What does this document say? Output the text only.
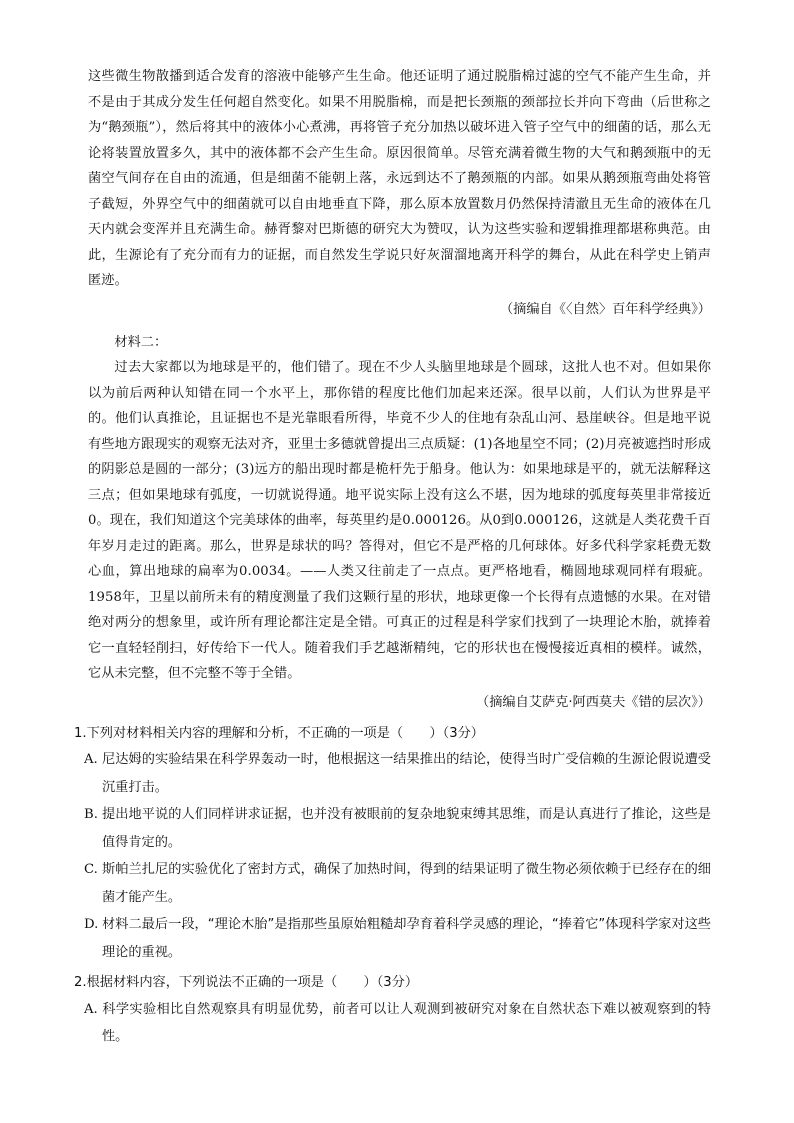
这些微生物散播到适合发育的溶液中能够产生生命。他还证明了通过脱脂棉过滤的空气不能产生生命，并不是由于其成分发生任何超自然变化。如果不用脱脂棉，而是把长颈瓶的颈部拉长并向下弯曲（后世称之为“鹅颈瓶”），然后将其中的液体小心煮沸，再将管子充分加热以破坏进入管子空气中的细菌的话，那么无论将装置放置多久，其中的液体都不会产生生命。原因很简单。尽管充满着微生物的大气和鹅颈瓶中的无菌空气间存在自由的流通，但是细菌不能朝上落，永远到达不了鹅颈瓶的内部。如果从鹅颈瓶弯曲处将管子截短，外界空气中的细菌就可以自由地垂直下降，那么原本放置数月仍然保持清澈且无生命的液体在几天内就会变浑并且充满生命。赫胥黎对巴斯德的研究大为赞叹，认为这些实验和逻辑推理都堪称典范。由此，生源论有了充分而有力的证据，而自然发生学说只好灰溜溜地离开科学的舞台，从此在科学史上销声匿迹。

（摘编自《〈自然〉百年科学经典》）

材料二：

过去大家都以为地球是平的，他们错了。现在不少人头脑里地球是个圆球，这批人也不对。但如果你以为前后两种认知错在同一个水平上，那你错的程度比他们加起来还深。很早以前，人们认为世界是平的。他们认真推论，且证据也不是光靠眼看所得，毕竟不少人的住地有杂乱山河、悬崖峡谷。但是地平说有些地方跟现实的观察无法对齐，亚里士多德就曾提出三点质疑：(1)各地星空不同；(2)月亮被遮挡时形成的阴影总是圆的一部分；(3)远方的船出现时都是桅杆先于船身。他认为：如果地球是平的，就无法解释这三点；但如果地球有弧度，一切就说得通。地平说实际上没有这么不堪，因为地球的弧度每英里非常接近0。现在，我们知道这个完美球体的曲率，每英里约是0.000126。从0到0.000126，这就是人类花费千百年岁月走过的距离。那么，世界是球状的吗？答得对，但它不是严格的几何球体。好多代科学家耗费无数心血，算出地球的扁率为0.0034。——人类又往前走了一点点。更严格地看，椭圆地球观同样有瑕疵。1958年，卫星以前所未有的精度测量了我们这颗行星的形状，地球更像一个长得有点遗憾的水果。在对错绝对两分的想象里，或许所有理论都注定是全错。可真正的过程是科学家们找到了一块理论木胎，就捧着它一直轻轻削扫，好传给下一代人。随着我们手艺越渐精纯，它的形状也在慢慢接近真相的模样。诚然，它从未完整，但不完整不等于全错。

（摘编自艾萨克·阿西莫夫《错的层次》）

1.下列对材料相关内容的理解和分析，不正确的一项是（　　）（3分）

A. 尼达姆的实验结果在科学界轰动一时，他根据这一结果推出的结论，使得当时广受信赖的生源论假说遭受沉重打击。

B. 提出地平说的人们同样讲求证据，也并没有被眼前的复杂地貌束缚其思维，而是认真进行了推论，这些是值得肯定的。

C. 斯帕兰扎尼的实验优化了密封方式，确保了加热时间，得到的结果证明了微生物必须依赖于已经存在的细菌才能产生。

D. 材料二最后一段，“理论木胎”是指那些虽原始粗糙却孕育着科学灵感的理论，“捧着它”体现科学家对这些理论的重视。

2.根据材料内容，下列说法不正确的一项是（　　）（3分）

A. 科学实验相比自然观察具有明显优势，前者可以让人观测到被研究对象在自然状态下难以被观察到的特性。
